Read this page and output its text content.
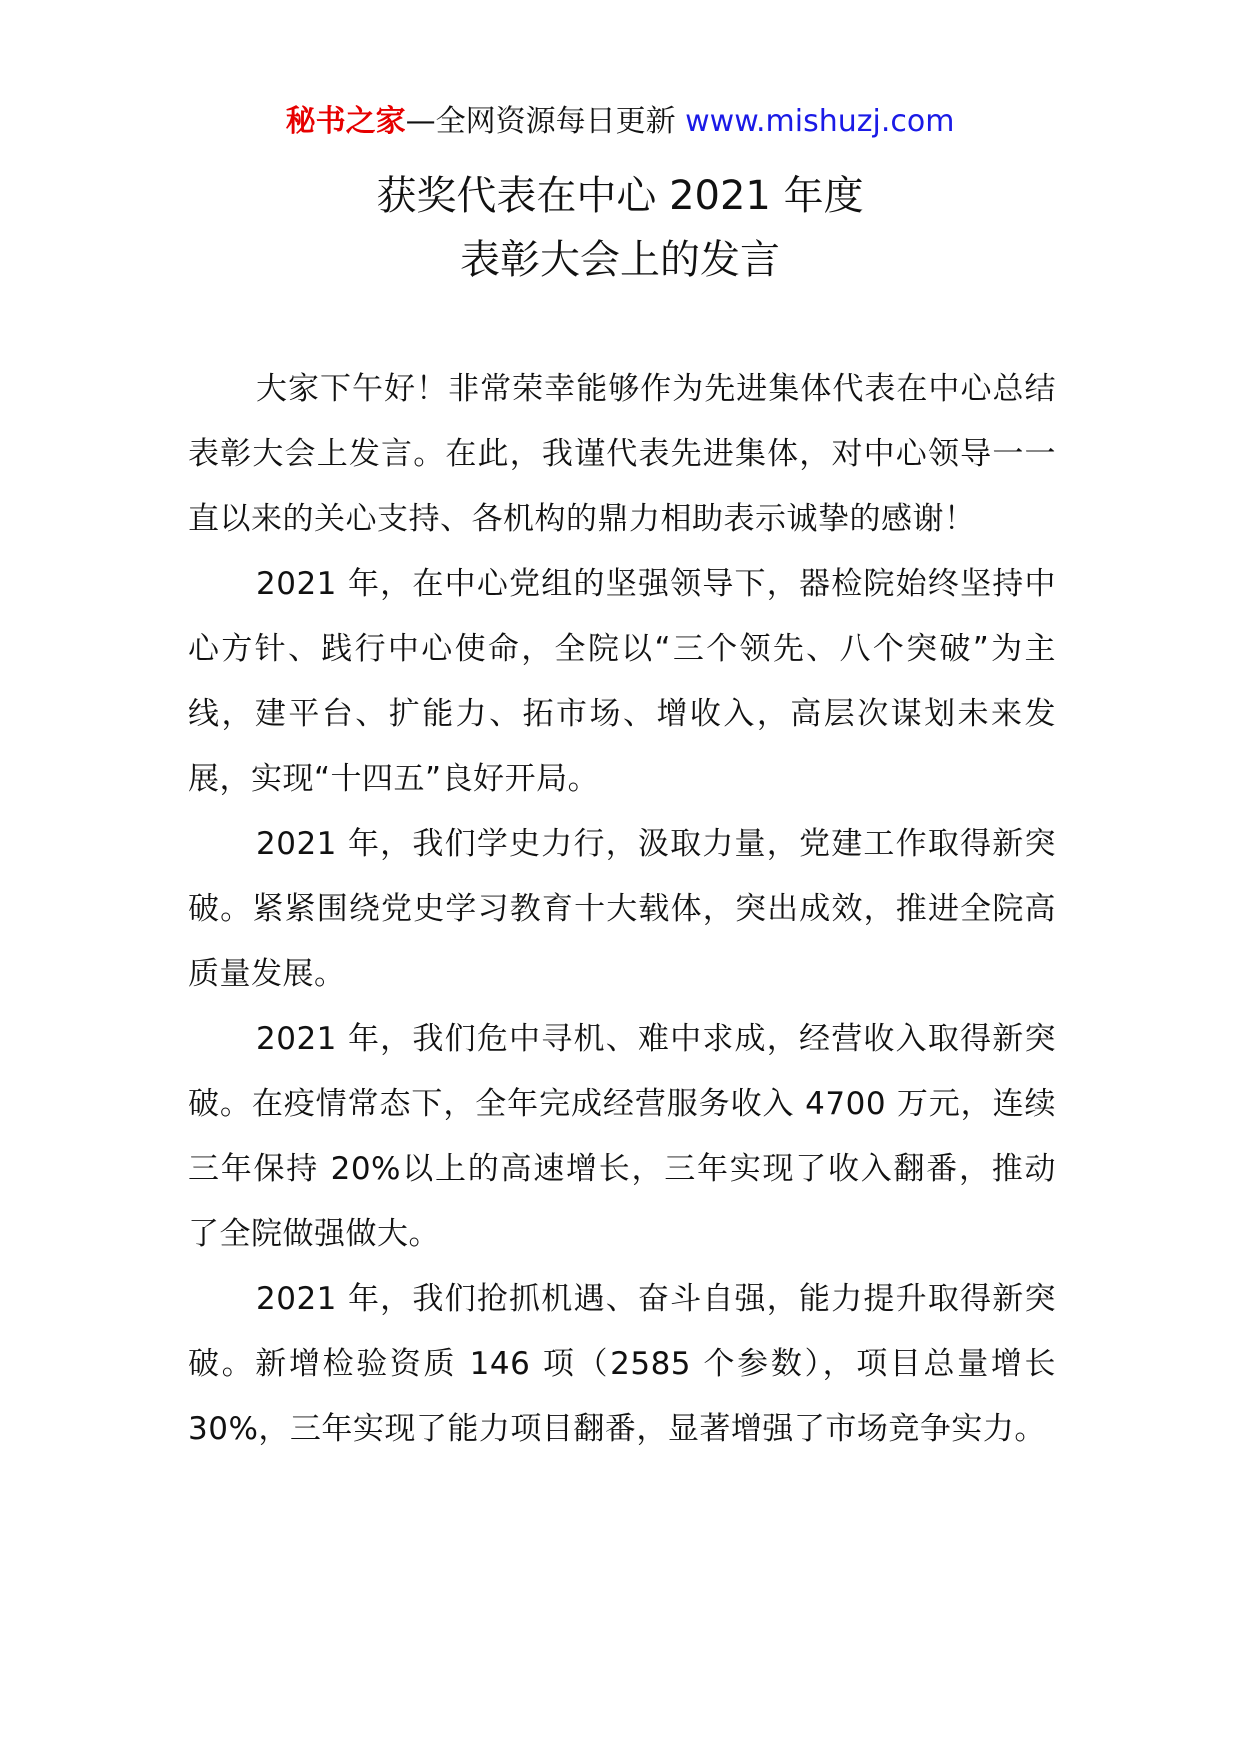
秘书之家—全网资源每日更新 www.mishuzj.com
获奖代表在中心 2021 年度
表彰大会上的发言

大家下午好！非常荣幸能够作为先进集体代表在中心总结表彰大会上发言。在此，我谨代表先进集体，对中心领导一一直以来的关心支持、各机构的鼎力相助表示诚挚的感谢！

2021 年，在中心党组的坚强领导下，器检院始终坚持中心方针、践行中心使命，全院以“三个领先、八个突破”为主线，建平台、扩能力、拓市场、增收入，高层次谋划未来发展，实现“十四五”良好开局。

2021 年，我们学史力行，汲取力量，党建工作取得新突破。紧紧围绕党史学习教育十大载体，突出成效，推进全院高质量发展。

2021 年，我们危中寻机、难中求成，经营收入取得新突破。在疫情常态下，全年完成经营服务收入 4700 万元，连续三年保持 20%以上的高速增长，三年实现了收入翻番，推动了全院做强做大。

2021 年，我们抢抓机遇、奋斗自强，能力提升取得新突破。新增检验资质 146 项（2585 个参数），项目总量增长 30%，三年实现了能力项目翻番，显著增强了市场竞争实力。
